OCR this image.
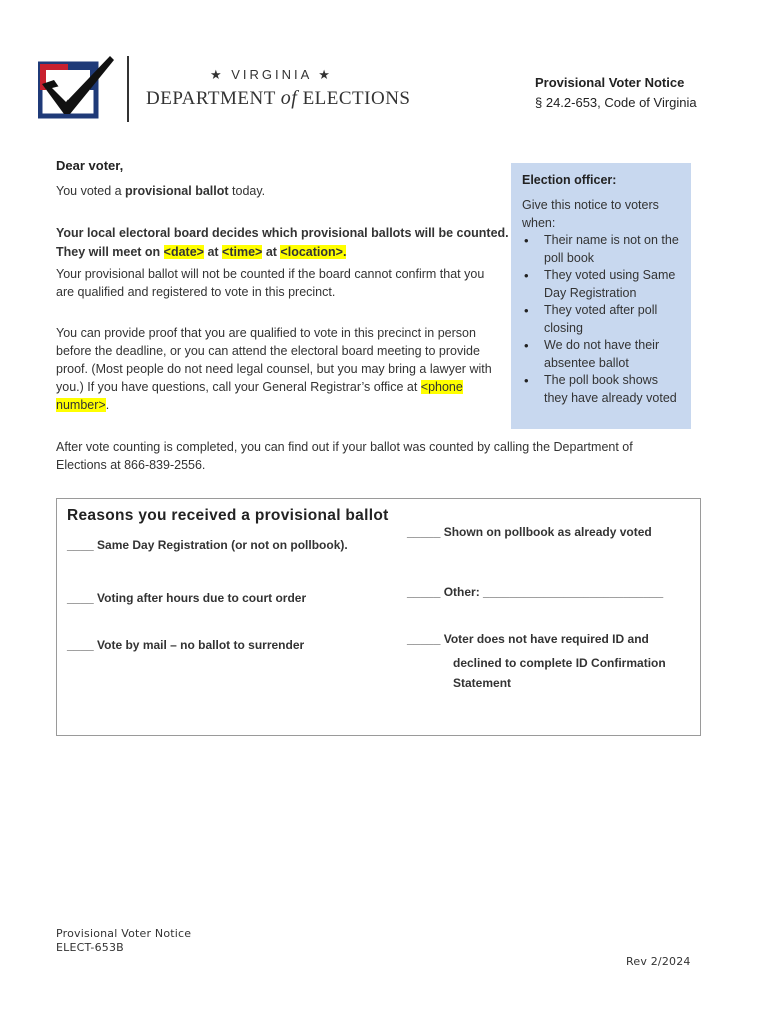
★ VIRGINIA ★
DEPARTMENT of ELECTIONS
Provisional Voter Notice
§ 24.2-653, Code of Virginia
Dear voter,
You voted a provisional ballot today.
Your local electoral board decides which provisional ballots will be counted.
They will meet on <date> at <time> at <location>.
Your provisional ballot will not be counted if the board cannot confirm that you are qualified and registered to vote in this precinct.
You can provide proof that you are qualified to vote in this precinct in person before the deadline, or you can attend the electoral board meeting to provide proof. (Most people do not need legal counsel, but you may bring a lawyer with you.) If you have questions, call your General Registrar’s office at <phone number>.
After vote counting is completed, you can find out if your ballot was counted by calling the Department of Elections at 866-839-2556.
Election officer:
Give this notice to voters when:
• Their name is not on the poll book
• They voted using Same Day Registration
• They voted after poll closing
• We do not have their absentee ballot
• The poll book shows they have already voted
Reasons you received a provisional ballot
____ Same Day Registration (or not on pollbook).
____ Voting after hours due to court order
____ Vote by mail – no ballot to surrender
_____ Shown on pollbook as already voted
_____ Other: ___________________________
_____ Voter does not have required ID and
declined to complete ID Confirmation
Statement
Provisional Voter Notice
ELECT-653B
Rev 2/2024
